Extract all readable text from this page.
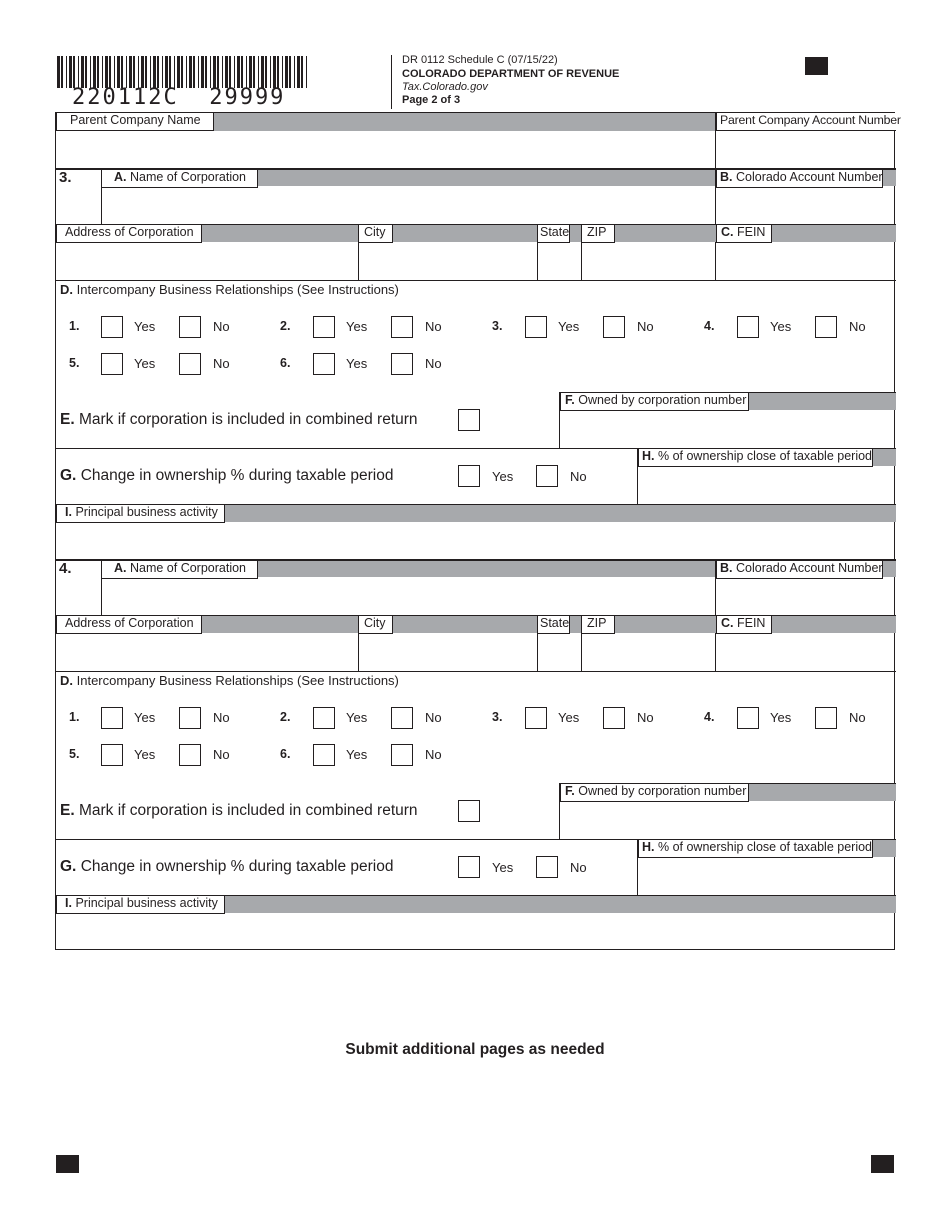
220112C  29999
DR 0112 Schedule C (07/15/22)
COLORADO DEPARTMENT OF REVENUE
Tax.Colorado.gov
Page 2 of 3
Parent Company Name	Parent Company Account Number
3.	A. Name of Corporation	B. Colorado Account Number
Address of Corporation	City	State	ZIP	C. FEIN
D. Intercompany Business Relationships (See Instructions)
1.	Yes	No	2.	Yes	No	3.	Yes	No	4.	Yes	No
5.	Yes	No	6.	Yes	No
F. Owned by corporation number
E. Mark if corporation is included in combined return
H. % of ownership close of taxable period
G. Change in ownership % during taxable period	Yes	No
I. Principal business activity
4.	A. Name of Corporation	B. Colorado Account Number
Address of Corporation	City	State	ZIP	C. FEIN
D. Intercompany Business Relationships (See Instructions)
1.	Yes	No	2.	Yes	No	3.	Yes	No	4.	Yes	No
5.	Yes	No	6.	Yes	No
F. Owned by corporation number
E. Mark if corporation is included in combined return
H. % of ownership close of taxable period
G. Change in ownership % during taxable period	Yes	No
I. Principal business activity
Submit additional pages as needed
